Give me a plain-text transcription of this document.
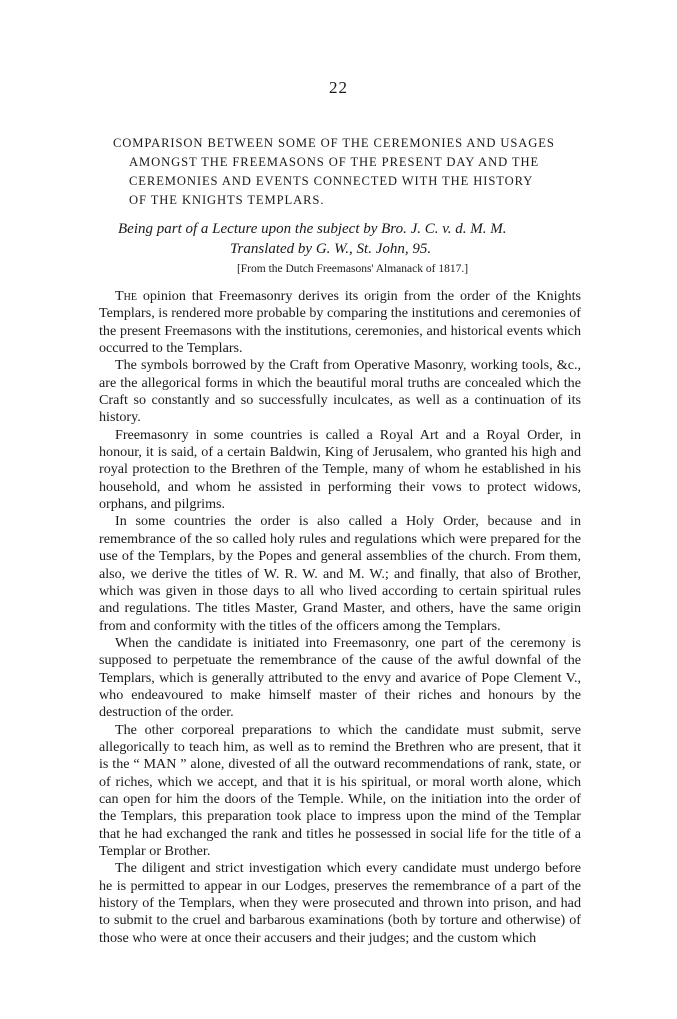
22
COMPARISON BETWEEN SOME OF THE CEREMONIES AND USAGES
AMONGST THE FREEMASONS OF THE PRESENT DAY AND THE
CEREMONIES AND EVENTS CONNECTED WITH THE HISTORY
OF THE KNIGHTS TEMPLARS.
Being part of a Lecture upon the subject by Bro. J. C. v. d. M. M.
Translated by G. W., St. John, 95.
[From the Dutch Freemasons' Almanack of 1817.]

The opinion that Freemasonry derives its origin from the order of the Knights Templars, is rendered more probable by comparing the institutions and ceremonies of the present Freemasons with the institutions, ceremonies, and historical events which occurred to the Templars.

The symbols borrowed by the Craft from Operative Masonry, working tools, &c., are the allegorical forms in which the beautiful moral truths are concealed which the Craft so constantly and so successfully inculcates, as well as a continuation of its history.

Freemasonry in some countries is called a Royal Art and a Royal Order, in honour, it is said, of a certain Baldwin, King of Jerusalem, who granted his high and royal protection to the Brethren of the Temple, many of whom he established in his household, and whom he assisted in performing their vows to protect widows, orphans, and pilgrims.

In some countries the order is also called a Holy Order, because and in remembrance of the so called holy rules and regulations which were prepared for the use of the Templars, by the Popes and general assemblies of the church. From them, also, we derive the titles of W. R. W. and M. W.; and finally, that also of Brother, which was given in those days to all who lived according to certain spiritual rules and regulations. The titles Master, Grand Master, and others, have the same origin from and conformity with the titles of the officers among the Templars.

When the candidate is initiated into Freemasonry, one part of the ceremony is supposed to perpetuate the remembrance of the cause of the awful downfal of the Templars, which is generally attributed to the envy and avarice of Pope Clement V., who endeavoured to make himself master of their riches and honours by the destruction of the order.

The other corporeal preparations to which the candidate must submit, serve allegorically to teach him, as well as to remind the Brethren who are present, that it is the “ MAN ” alone, divested of all the outward recommendations of rank, state, or of riches, which we accept, and that it is his spiritual, or moral worth alone, which can open for him the doors of the Temple. While, on the initiation into the order of the Templars, this preparation took place to impress upon the mind of the Templar that he had exchanged the rank and titles he possessed in social life for the title of a Templar or Brother.

The diligent and strict investigation which every candidate must undergo before he is permitted to appear in our Lodges, preserves the remembrance of a part of the history of the Templars, when they were prosecuted and thrown into prison, and had to submit to the cruel and barbarous examinations (both by torture and otherwise) of those who were at once their accusers and their judges; and the custom which
